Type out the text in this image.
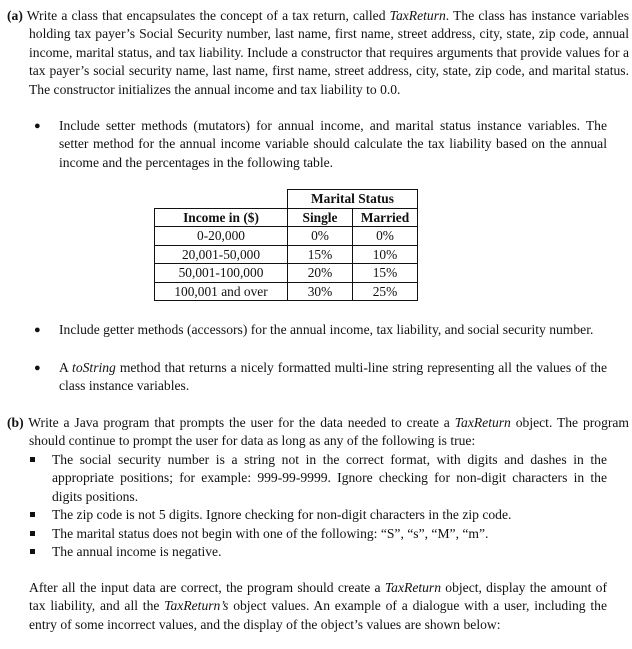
(a) Write a class that encapsulates the concept of a tax return, called TaxReturn. The class has instance variables holding tax payer’s Social Security number, last name, first name, street address, city, state, zip code, annual income, marital status, and tax liability. Include a constructor that requires arguments that provide values for a tax payer’s social security name, last name, first name, street address, city, state, zip code, and marital status. The constructor initializes the annual income and tax liability to 0.0.

● Include setter methods (mutators) for annual income, and marital status instance variables. The setter method for the annual income variable should calculate the tax liability based on the annual income and the percentages in the following table.
	Marital Status	
Income in ($)	Single	Married
0-20,000	0%	0%
20,001-50,000	15%	10%
50,001-100,000	20%	15%
100,001 and over	30%	25%
● Include getter methods (accessors) for the annual income, tax liability, and social security number.
● A toString method that returns a nicely formatted multi-line string representing all the values of the class instance variables.

(b) Write a Java program that prompts the user for the data needed to create a TaxReturn object. The program should continue to prompt the user for data as long as any of the following is true:

The social security number is a string not in the correct format, with digits and dashes in the appropriate positions; for example: 999-99-9999. Ignore checking for non-digit characters in the digits positions.
The zip code is not 5 digits. Ignore checking for non-digit characters in the zip code.
The marital status does not begin with one of the following: “S”, “s”, “M”, “m”.
The annual income is negative.

After all the input data are correct, the program should create a TaxReturn object, display the amount of tax liability, and all the TaxReturn’s object values. An example of a dialogue with a user, including the entry of some incorrect values, and the display of the object’s values are shown below:
